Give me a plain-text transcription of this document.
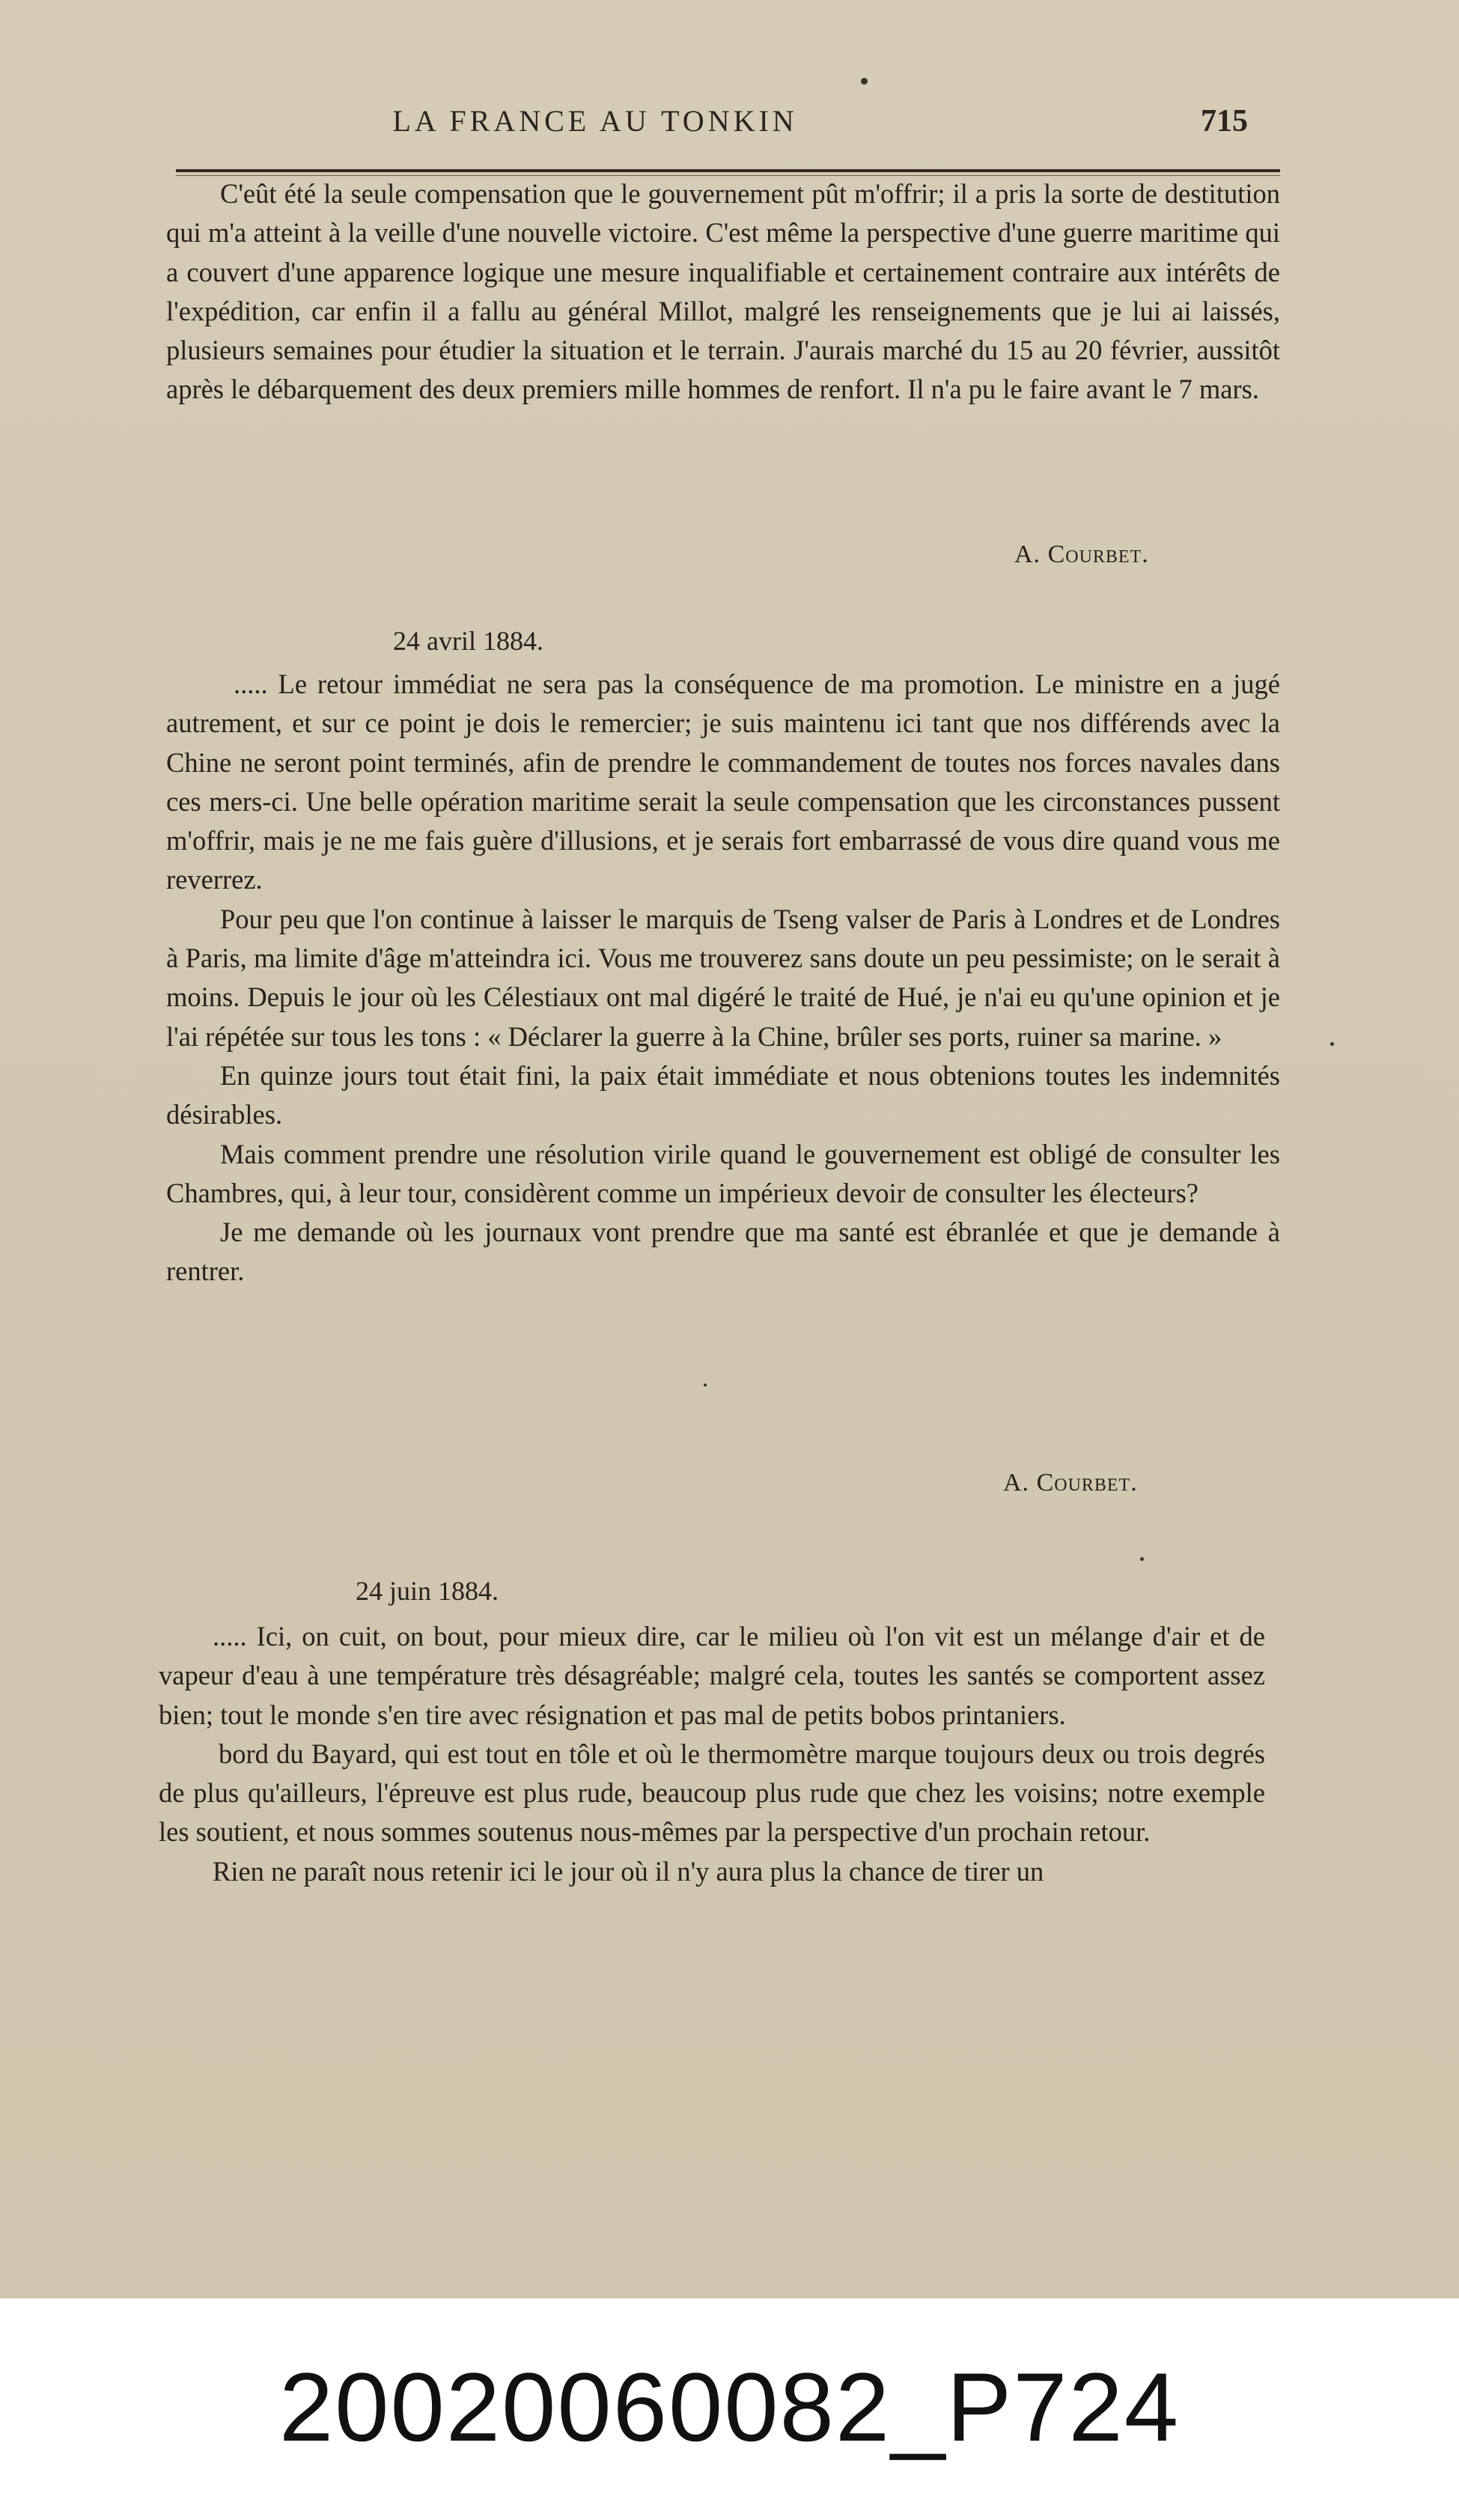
LA FRANCE AU TONKIN	715

C'eût été la seule compensation que le gouvernement pût m'offrir; il a pris la sorte de destitution qui m'a atteint à la veille d'une nouvelle victoire. C'est même la perspective d'une guerre maritime qui a couvert d'une apparence logique une mesure inqualifiable et certainement contraire aux intérêts de l'expédition, car enfin il a fallu au général Millot, malgré les renseignements que je lui ai laissés, plusieurs semaines pour étudier la situation et le terrain. J'aurais marché du 15 au 20 février, aussitôt après le débarquement des deux premiers mille hommes de renfort. Il n'a pu le faire avant le 7 mars.

A. Courbet.
24 avril 1884.

..... Le retour immédiat ne sera pas la conséquence de ma promotion. Le ministre en a jugé autrement, et sur ce point je dois le remercier; je suis maintenu ici tant que nos différends avec la Chine ne seront point terminés, afin de prendre le commandement de toutes nos forces navales dans ces mers-ci. Une belle opération maritime serait la seule compensation que les circonstances pussent m'offrir, mais je ne me fais guère d'illusions, et je serais fort embarrassé de vous dire quand vous me reverrez.

Pour peu que l'on continue à laisser le marquis de Tseng valser de Paris à Londres et de Londres à Paris, ma limite d'âge m'atteindra ici. Vous me trouverez sans doute un peu pessimiste; on le serait à moins. Depuis le jour où les Célestiaux ont mal digéré le traité de Hué, je n'ai eu qu'une opinion et je l'ai répétée sur tous les tons : « Déclarer la guerre à la Chine, brûler ses ports, ruiner sa marine. »

En quinze jours tout était fini, la paix était immédiate et nous obtenions toutes les indemnités désirables.

Mais comment prendre une résolution virile quand le gouvernement est obligé de consulter les Chambres, qui, à leur tour, considèrent comme un impérieux devoir de consulter les électeurs?

Je me demande où les journaux vont prendre que ma santé est ébranlée et que je demande à rentrer.

A. Courbet.
24 juin 1884.

..... Ici, on cuit, on bout, pour mieux dire, car le milieu où l'on vit est un mélange d'air et de vapeur d'eau à une température très désagréable; malgré cela, toutes les santés se comportent assez bien; tout le monde s'en tire avec résignation et pas mal de petits bobos printaniers.

bord du Bayard, qui est tout en tôle et où le thermomètre marque toujours deux ou trois degrés de plus qu'ailleurs, l'épreuve est plus rude, beaucoup plus rude que chez les voisins; notre exemple les soutient, et nous sommes soutenus nous-mêmes par la perspective d'un prochain retour.

Rien ne paraît nous retenir ici le jour où il n'y aura plus la chance de tirer un

20020060082_P724
